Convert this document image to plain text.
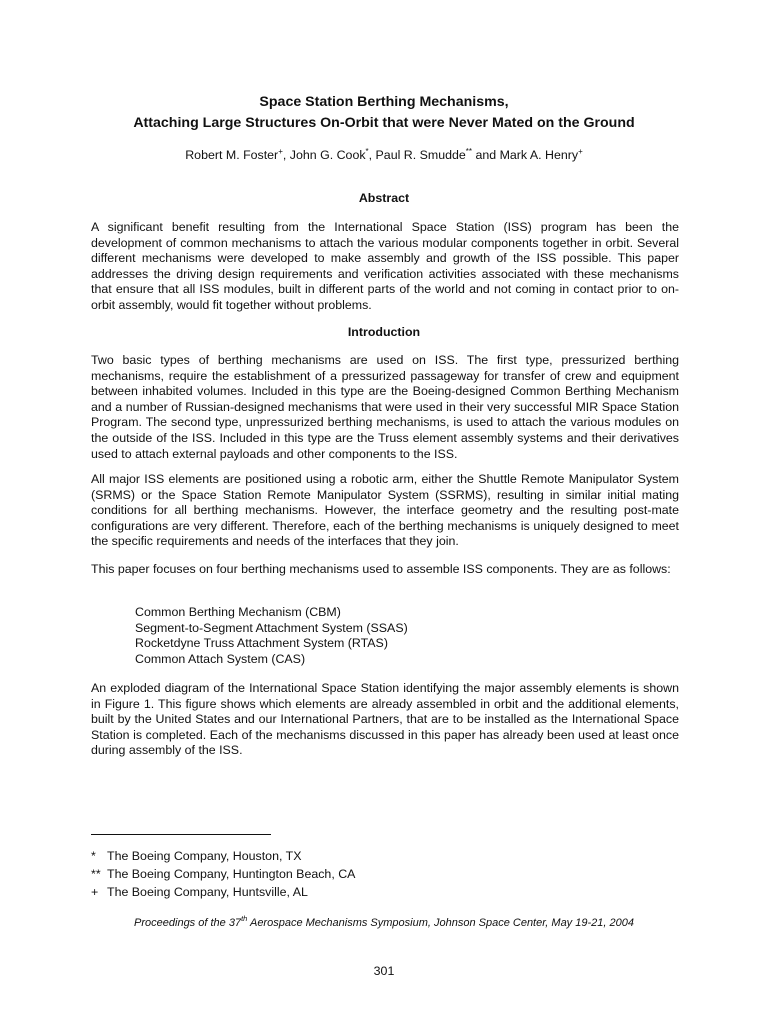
Space Station Berthing Mechanisms,
Attaching Large Structures On-Orbit that were Never Mated on the Ground
Robert M. Foster+, John G. Cook*, Paul R. Smudde** and Mark A. Henry+
Abstract

A significant benefit resulting from the International Space Station (ISS) program has been the development of common mechanisms to attach the various modular components together in orbit. Several different mechanisms were developed to make assembly and growth of the ISS possible. This paper addresses the driving design requirements and verification activities associated with these mechanisms that ensure that all ISS modules, built in different parts of the world and not coming in contact prior to on-orbit assembly, would fit together without problems.

Introduction

Two basic types of berthing mechanisms are used on ISS. The first type, pressurized berthing mechanisms, require the establishment of a pressurized passageway for transfer of crew and equipment between inhabited volumes. Included in this type are the Boeing-designed Common Berthing Mechanism and a number of Russian-designed mechanisms that were used in their very successful MIR Space Station Program. The second type, unpressurized berthing mechanisms, is used to attach the various modules on the outside of the ISS. Included in this type are the Truss element assembly systems and their derivatives used to attach external payloads and other components to the ISS.

All major ISS elements are positioned using a robotic arm, either the Shuttle Remote Manipulator System (SRMS) or the Space Station Remote Manipulator System (SSRMS), resulting in similar initial mating conditions for all berthing mechanisms. However, the interface geometry and the resulting post-mate configurations are very different. Therefore, each of the berthing mechanisms is uniquely designed to meet the specific requirements and needs of the interfaces that they join.

This paper focuses on four berthing mechanisms used to assemble ISS components. They are as follows:

Common Berthing Mechanism (CBM)
Segment-to-Segment Attachment System (SSAS)
Rocketdyne Truss Attachment System (RTAS)
Common Attach System (CAS)

An exploded diagram of the International Space Station identifying the major assembly elements is shown in Figure 1. This figure shows which elements are already assembled in orbit and the additional elements, built by the United States and our International Partners, that are to be installed as the International Space Station is completed. Each of the mechanisms discussed in this paper has already been used at least once during assembly of the ISS.

* The Boeing Company, Houston, TX
** The Boeing Company, Huntington Beach, CA
+ The Boeing Company, Huntsville, AL
Proceedings of the 37th Aerospace Mechanisms Symposium, Johnson Space Center, May 19-21, 2004
301
